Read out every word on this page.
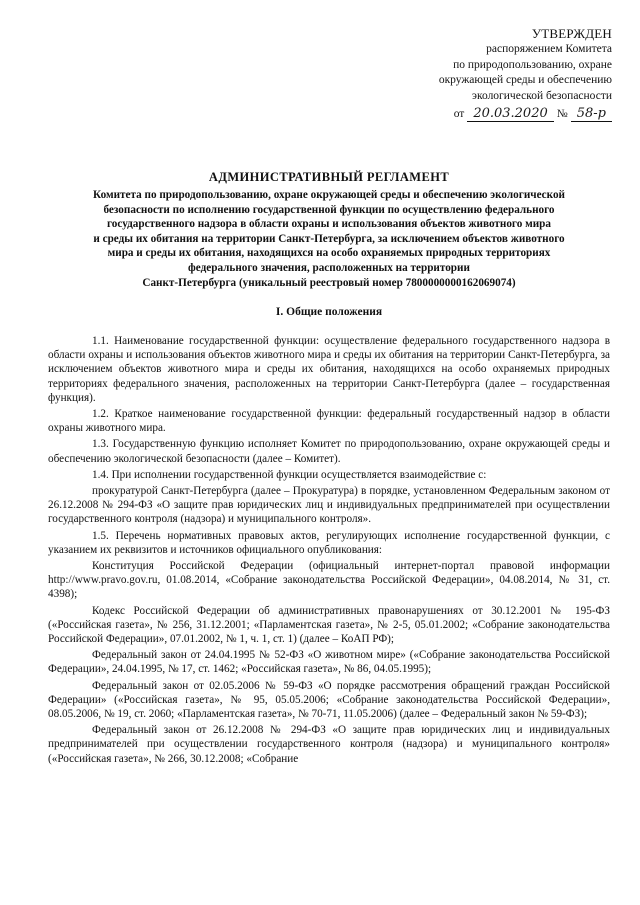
УТВЕРЖДЕН
распоряжением Комитета
по природопользованию, охране
окружающей среды и обеспечению
экологической безопасности
от 20.03.2020 № 58-р
АДМИНИСТРАТИВНЫЙ РЕГЛАМЕНТ
Комитета по природопользованию, охране окружающей среды и обеспечению экологической
безопасности по исполнению государственной функции по осуществлению федерального
государственного надзора в области охраны и использования объектов животного мира
и среды их обитания на территории Санкт-Петербурга, за исключением объектов животного
мира и среды их обитания, находящихся на особо охраняемых природных территориях
федерального значения, расположенных на территории
Санкт-Петербурга (уникальный реестровый номер 7800000000162069074)
I. Общие положения

1.1. Наименование государственной функции: осуществление федерального государственного надзора в области охраны и использования объектов животного мира и среды их обитания на территории Санкт-Петербурга, за исключением объектов животного мира и среды их обитания, находящихся на особо охраняемых природных территориях федерального значения, расположенных на территории Санкт-Петербурга (далее – государственная функция).

1.2. Краткое наименование государственной функции: федеральный государственный надзор в области охраны животного мира.

1.3. Государственную функцию исполняет Комитет по природопользованию, охране окружающей среды и обеспечению экологической безопасности (далее – Комитет).

1.4. При исполнении государственной функции осуществляется взаимодействие с:

прокуратурой Санкт-Петербурга (далее – Прокуратура) в порядке, установленном Федеральным законом от 26.12.2008 № 294-ФЗ «О защите прав юридических лиц и индивидуальных предпринимателей при осуществлении государственного контроля (надзора) и муниципального контроля».

1.5. Перечень нормативных правовых актов, регулирующих исполнение государственной функции, с указанием их реквизитов и источников официального опубликования:

Конституция Российской Федерации (официальный интернет-портал правовой информации http://www.pravo.gov.ru, 01.08.2014, «Собрание законодательства Российской Федерации», 04.08.2014, № 31, ст. 4398);

Кодекс Российской Федерации об административных правонарушениях от 30.12.2001 № 195-ФЗ («Российская газета», № 256, 31.12.2001; «Парламентская газета», № 2-5, 05.01.2002; «Собрание законодательства Российской Федерации», 07.01.2002, № 1, ч. 1, ст. 1) (далее – КоАП РФ);

Федеральный закон от 24.04.1995 № 52-ФЗ «О животном мире» («Собрание законодательства Российской Федерации», 24.04.1995, № 17, ст. 1462; «Российская газета», № 86, 04.05.1995);

Федеральный закон от 02.05.2006 № 59-ФЗ «О порядке рассмотрения обращений граждан Российской Федерации» («Российская газета», № 95, 05.05.2006; «Собрание законодательства Российской Федерации», 08.05.2006, № 19, ст. 2060; «Парламентская газета», № 70-71, 11.05.2006) (далее – Федеральный закон № 59-ФЗ);

Федеральный закон от 26.12.2008 № 294-ФЗ «О защите прав юридических лиц и индивидуальных предпринимателей при осуществлении государственного контроля (надзора) и муниципального контроля» («Российская газета», № 266, 30.12.2008; «Собрание
